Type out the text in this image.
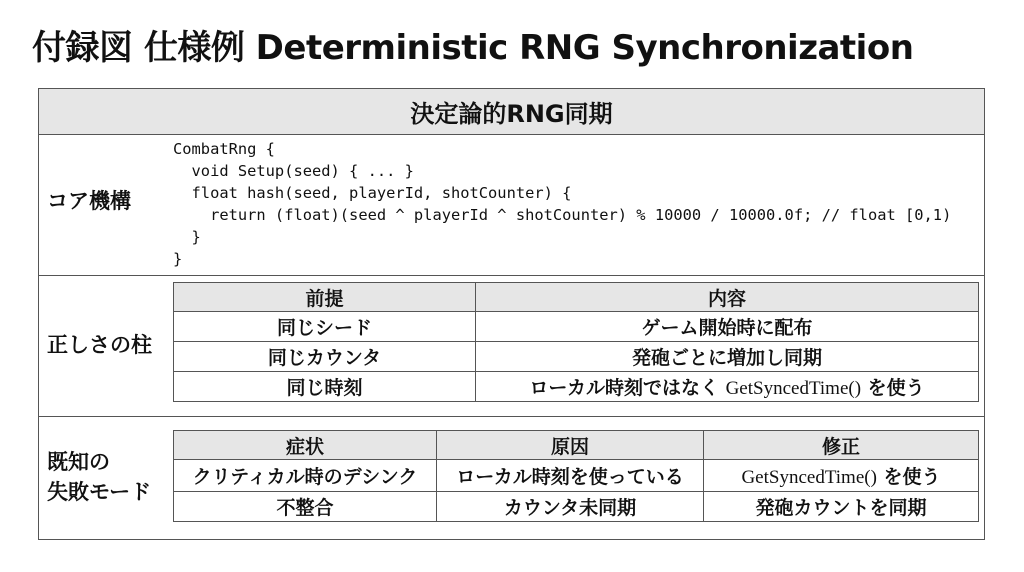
付録図 仕様例 Deterministic RNG Synchronization
決定論的RNG同期
コア機構
CombatRng {
void Setup(seed) { ... }
float hash(seed, playerId, shotCounter) {
return (float)(seed ^ playerId ^ shotCounter) % 10000 / 10000.0f; // float [0,1)
}
}
正しさの柱
前提	内容
同じシード	ゲーム開始時に配布
同じカウンタ	発砲ごとに増加し同期
同じ時刻	ローカル時刻ではなく GetSyncedTime() を使う
既知の
失敗モード
症状	原因	修正
クリティカル時のデシンク	ローカル時刻を使っている	GetSyncedTime() を使う
不整合	カウンタ未同期	発砲カウントを同期
